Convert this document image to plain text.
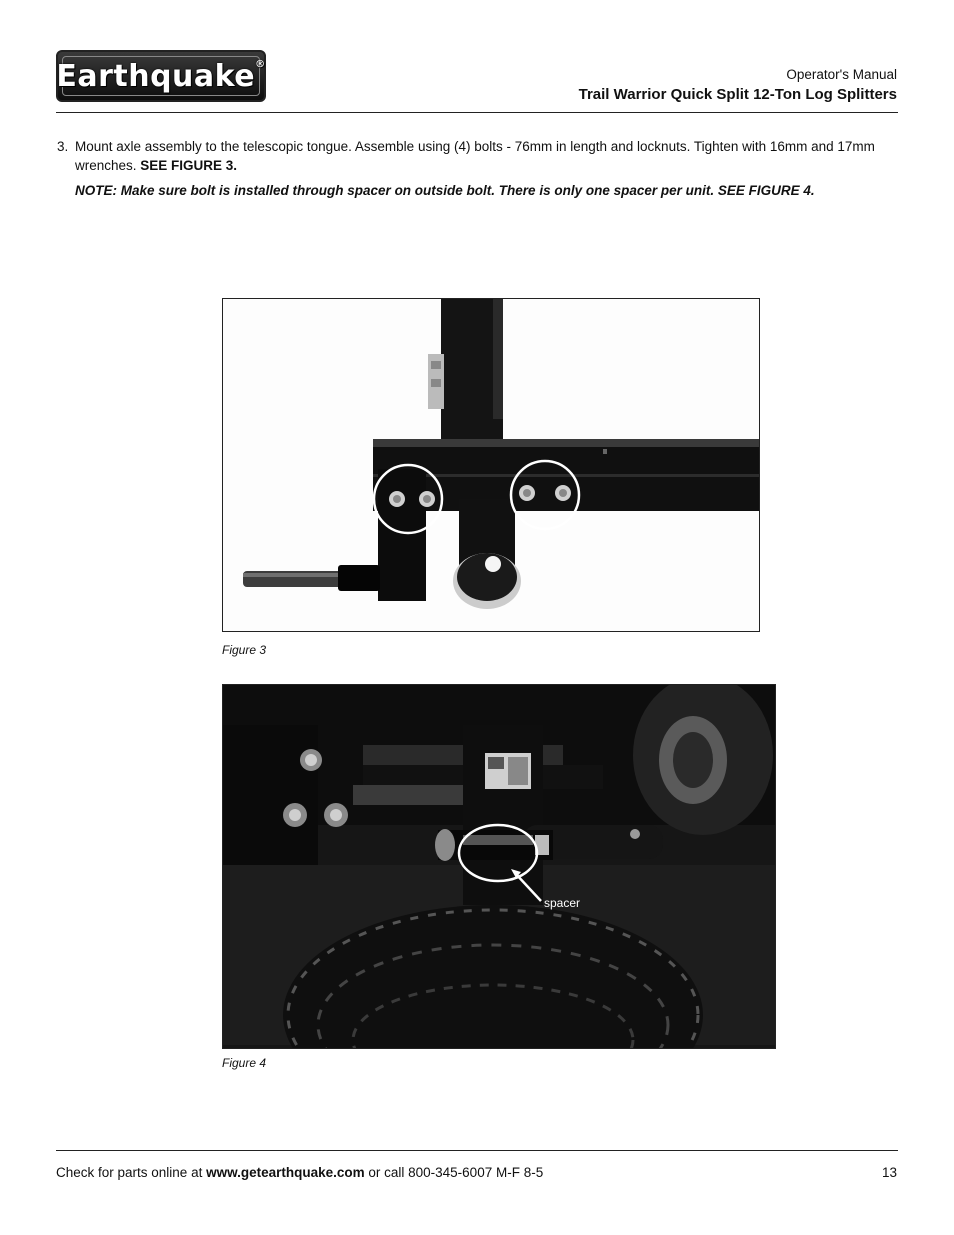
Earthquake®
Operator's Manual
Trail Warrior Quick Split 12-Ton Log Splitters
3. Mount axle assembly to the telescopic tongue. Assemble using (4) bolts - 76mm in length and locknuts. Tighten with 16mm and 17mm wrenches. SEE FIGURE 3.
NOTE: Make sure bolt is installed through spacer on outside bolt. There is only one spacer per unit. SEE FIGURE 4.
Figure 3
spacer
Figure 4
Check for parts online at www.getearthquake.com or call 800-345-6007 M-F 8-5	13
